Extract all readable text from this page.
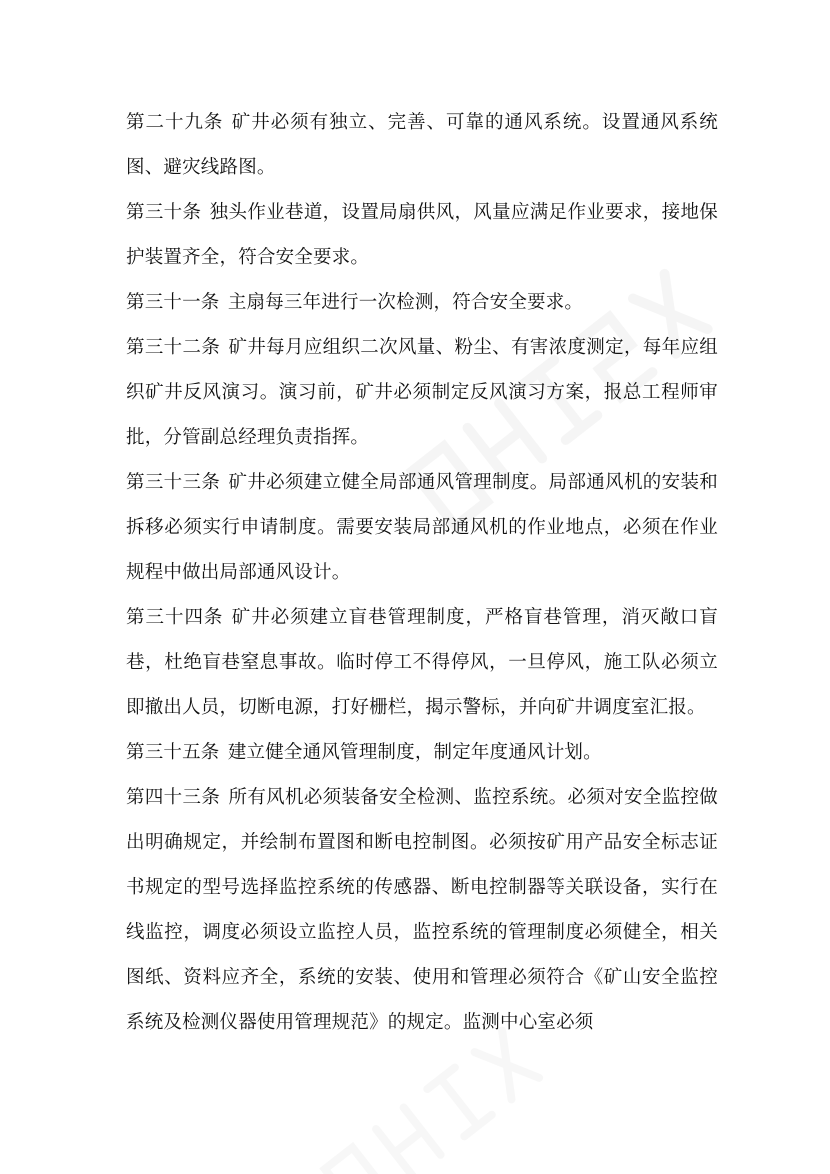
第二十九条 矿井必须有独立、完善、可靠的通风系统。设置通风系统图、避灾线路图。

第三十条 独头作业巷道，设置局扇供风，风量应满足作业要求，接地保护装置齐全，符合安全要求。

第三十一条 主扇每三年进行一次检测，符合安全要求。

第三十二条 矿井每月应组织二次风量、粉尘、有害浓度测定，每年应组织矿井反风演习。演习前，矿井必须制定反风演习方案，报总工程师审批，分管副总经理负责指挥。

第三十三条 矿井必须建立健全局部通风管理制度。局部通风机的安装和拆移必须实行申请制度。需要安装局部通风机的作业地点，必须在作业规程中做出局部通风设计。

第三十四条 矿井必须建立盲巷管理制度，严格盲巷管理，消灭敞口盲巷，杜绝盲巷窒息事故。临时停工不得停风，一旦停风，施工队必须立即撤出人员，切断电源，打好栅栏，揭示警标，并向矿井调度室汇报。

第三十五条 建立健全通风管理制度，制定年度通风计划。

第四十三条 所有风机必须装备安全检测、监控系统。必须对安全监控做出明确规定，并绘制布置图和断电控制图。必须按矿用产品安全标志证书规定的型号选择监控系统的传感器、断电控制器等关联设备，实行在线监控，调度必须设立监控人员，监控系统的管理制度必须健全，相关图纸、资料应齐全，系统的安装、使用和管理必须符合《矿山安全监控系统及检测仪器使用管理规范》的规定。监测中心室必须
